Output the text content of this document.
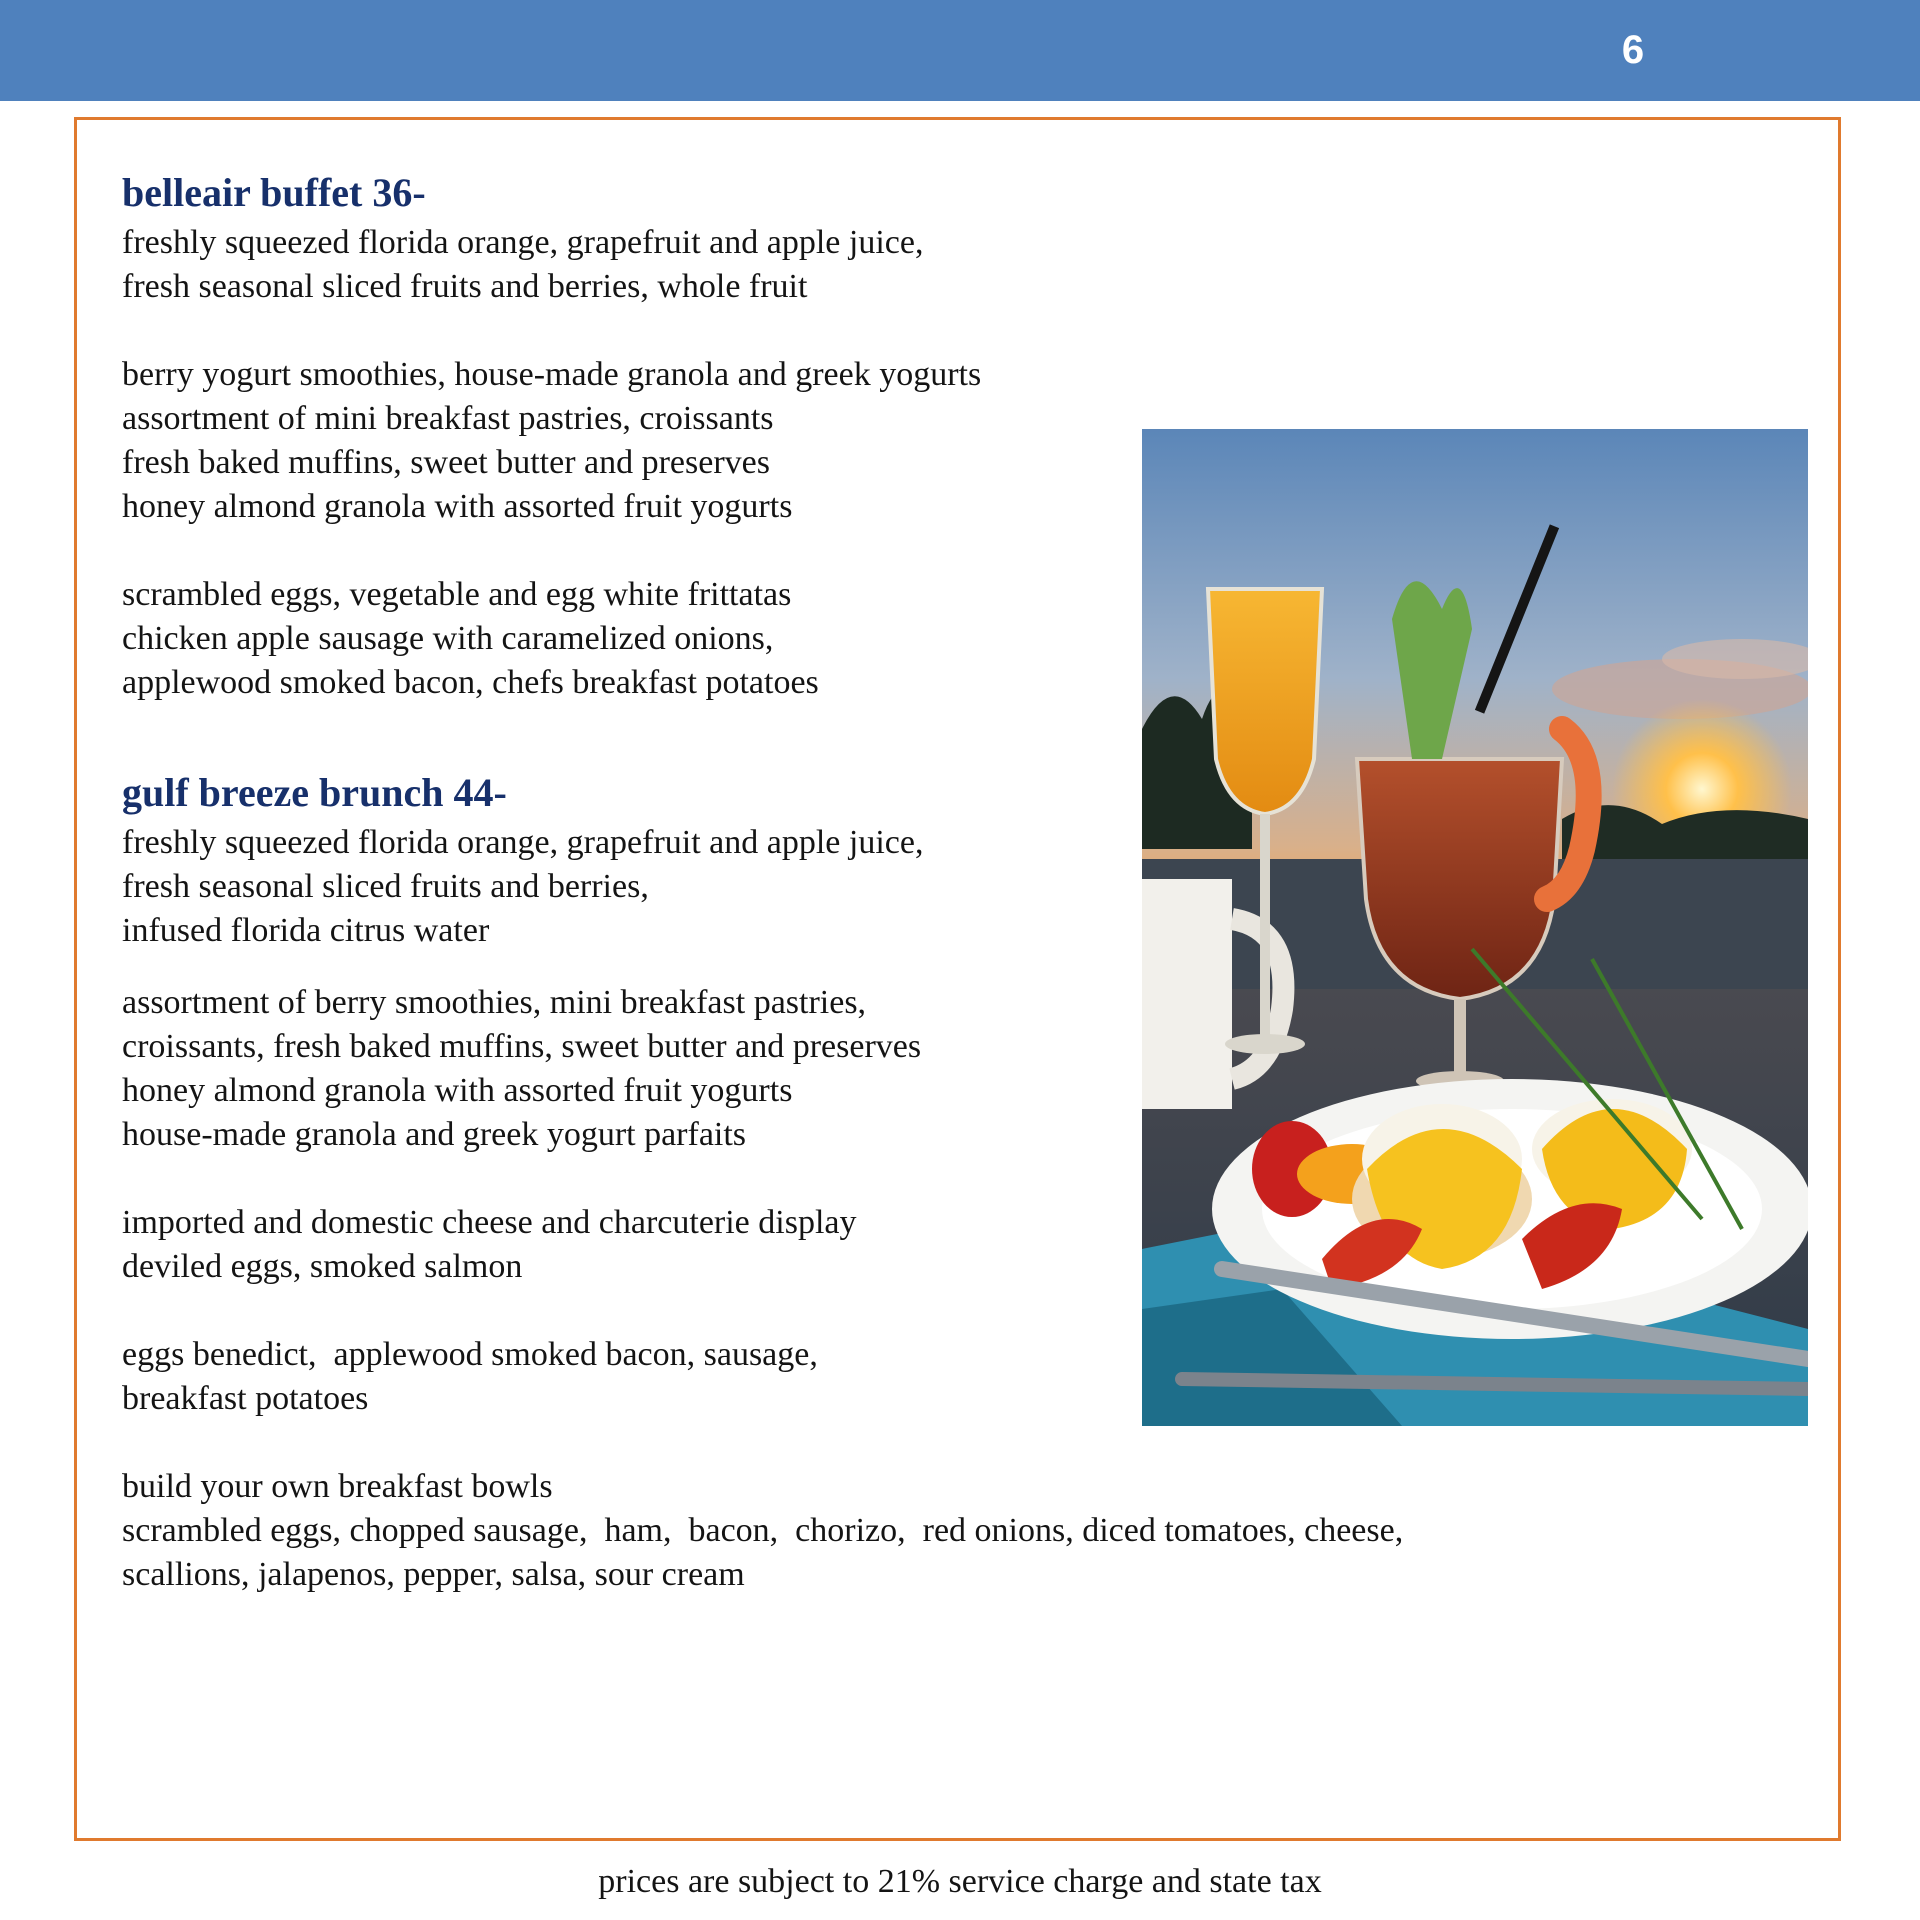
6
belleair buffet 36-
freshly squeezed florida orange, grapefruit and apple juice,
fresh seasonal sliced fruits and berries, whole fruit
berry yogurt smoothies, house-made granola and greek yogurts
assortment of mini breakfast pastries, croissants
fresh baked muffins, sweet butter and preserves
honey almond granola with assorted fruit yogurts
scrambled eggs, vegetable and egg white frittatas
chicken apple sausage with caramelized onions,
applewood smoked bacon, chefs breakfast potatoes
gulf breeze brunch 44-
freshly squeezed florida orange, grapefruit and apple juice,
fresh seasonal sliced fruits and berries,
infused florida citrus water
assortment of berry smoothies, mini breakfast pastries,
croissants, fresh baked muffins, sweet butter and preserves
honey almond granola with assorted fruit yogurts
house-made granola and greek yogurt parfaits
imported and domestic cheese and charcuterie display
deviled eggs, smoked salmon
eggs benedict,  applewood smoked bacon, sausage,
breakfast potatoes
build your own breakfast bowls
scrambled eggs, chopped sausage,  ham,  bacon,  chorizo,  red onions, diced tomatoes, cheese,
scallions, jalapenos, pepper, salsa, sour cream
prices are subject to 21% service charge and state tax
